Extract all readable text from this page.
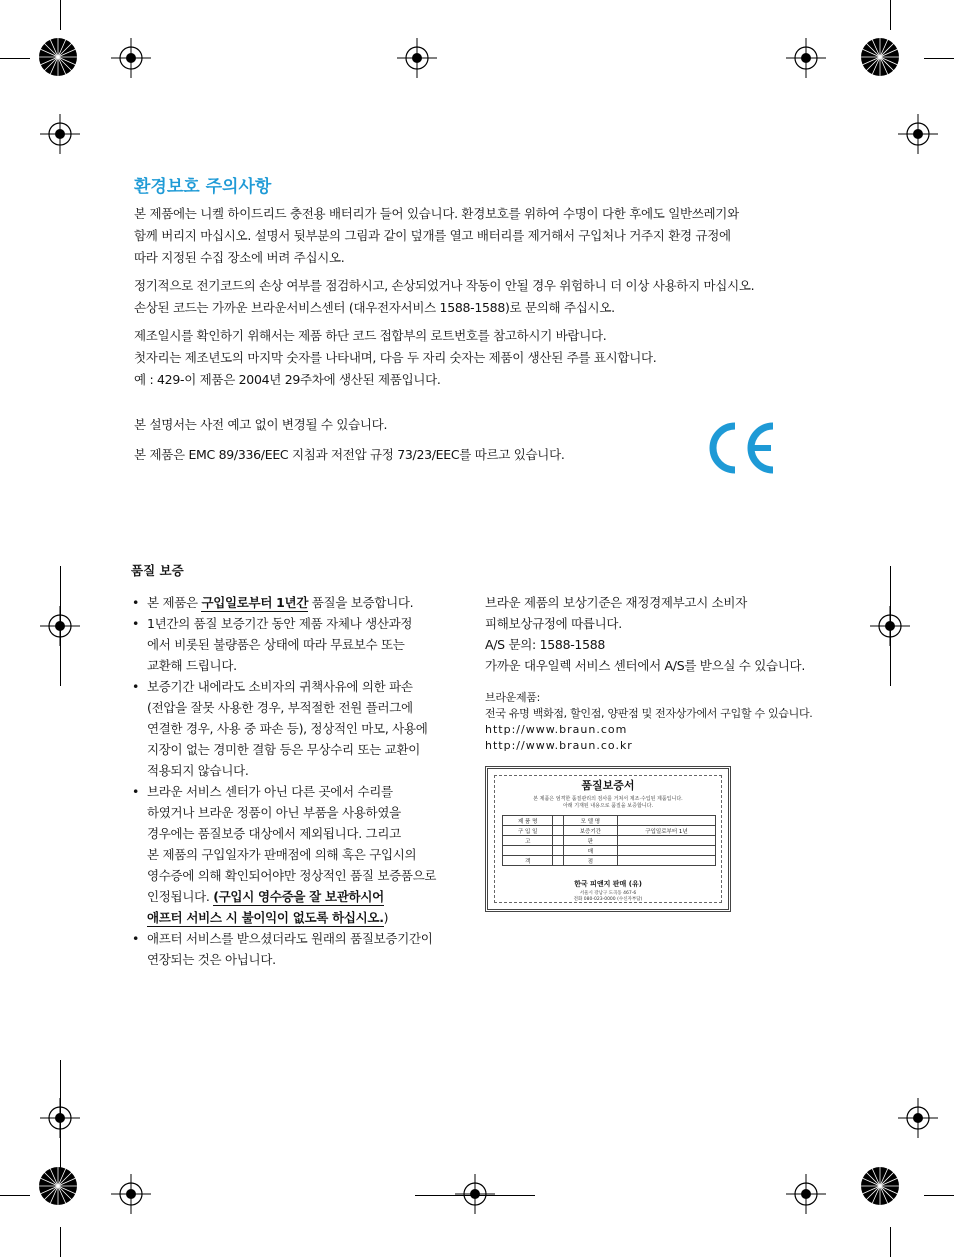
환경보호 주의사항
본 제품에는 니켈 하이드리드 충전용 배터리가 들어 있습니다. 환경보호를 위하여 수명이 다한 후에도 일반쓰레기와
함께 버리지 마십시오. 설명서 뒷부분의 그림과 같이 덮개를 열고 배터리를 제거해서 구입처나 거주지 환경 규정에
따라 지정된 수집 장소에 버려 주십시오.
정기적으로 전기코드의 손상 여부를 점검하시고, 손상되었거나 작동이 안될 경우 위험하니 더 이상 사용하지 마십시오.
손상된 코드는 가까운 브라운서비스센터 (대우전자서비스 1588-1588)로 문의해 주십시오.
제조일시를 확인하기 위해서는 제품 하단 코드 접합부의 로트번호를 참고하시기 바랍니다.
첫자리는 제조년도의 마지막 숫자를 나타내며, 다음 두 자리 숫자는 제품이 생산된 주를 표시합니다.
예 : 429-이 제품은 2004년 29주차에 생산된 제품입니다.
본 설명서는 사전 예고 없이 변경될 수 있습니다.
본 제품은 EMC 89/336/EEC 지침과 저전압 규정 73/23/EEC를 따르고 있습니다.
품질 보증
• 본 제품은 구입일로부터 1년간 품질을 보증합니다.
• 1년간의 품질 보증기간 동안 제품 자체나 생산과정
에서 비롯된 불량품은 상태에 따라 무료보수 또는
교환해 드립니다.
• 보증기간 내에라도 소비자의 귀책사유에 의한 파손
(전압을 잘못 사용한 경우, 부적절한 전원 플러그에
연결한 경우, 사용 중 파손 등), 정상적인 마모, 사용에
지장이 없는 경미한 결함 등은 무상수리 또는 교환이
적용되지 않습니다.
• 브라운 서비스 센터가 아닌 다른 곳에서 수리를
하였거나 브라운 정품이 아닌 부품을 사용하였을
경우에는 품질보증 대상에서 제외됩니다. 그리고
본 제품의 구입일자가 판매점에 의해 혹은 구입시의
영수증에 의해 확인되어야만 정상적인 품질 보증품으로
인정됩니다. (구입시 영수증을 잘 보관하시어
애프터 서비스 시 불이익이 없도록 하십시오.)
• 애프터 서비스를 받으셨더라도 원래의 품질보증기간이
연장되는 것은 아닙니다.
브라운 제품의 보상기준은 재정경제부고시 소비자
피해보상규정에 따릅니다.
A/S 문의: 1588-1588
가까운 대우일렉 서비스 센터에서 A/S를 받으실 수 있습니다.
브라운제품:
전국 유명 백화점, 할인점, 양판점 및 전자상가에서 구입할 수 있습니다.
http://www.braun.com
http://www.braun.co.kr
품질보증서
본 제품은 엄격한 품질관리의 검사를 거쳐서 제조·수입된 제품입니다.
아래 기재된 내용으로 품질을 보증합니다.
제 품 명		모 델 명	
구 입 일		보증기간	구입일로부터 1년
고		판	
		매	
객		점	
한국 피앤지 판매 (유)
서울시 강남구 도곡동 467-6
전화 080-023-0000 (수신자부담)
